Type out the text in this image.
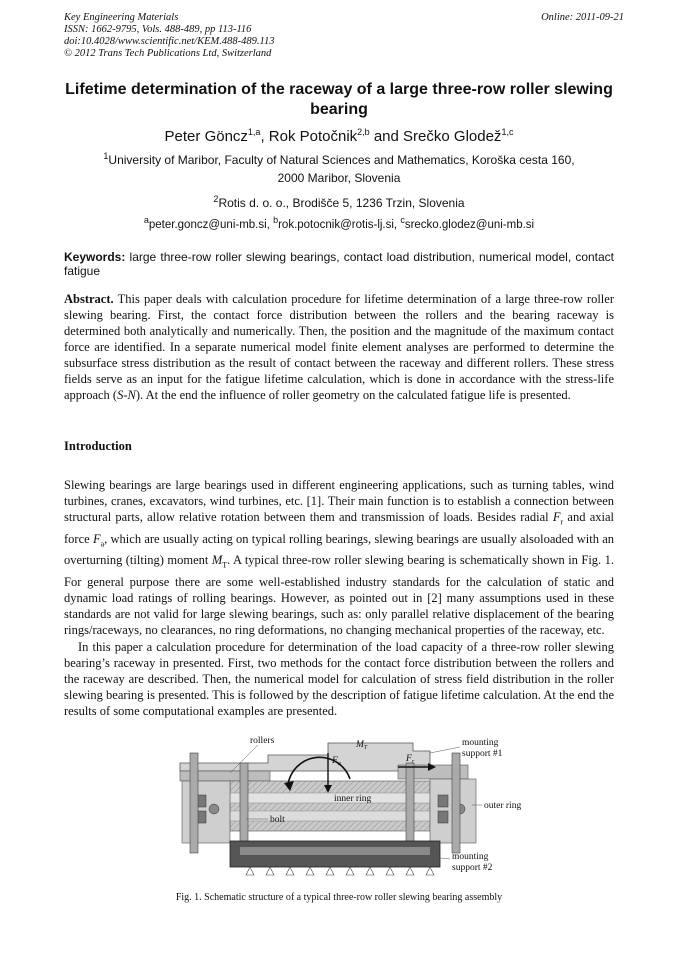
Key Engineering Materials
ISSN: 1662-9795, Vols. 488-489, pp 113-116
doi:10.4028/www.scientific.net/KEM.488-489.113
© 2012 Trans Tech Publications Ltd, Switzerland
Online: 2011-09-21
Lifetime determination of the raceway of a large three-row roller slewing bearing
Peter Göncz$^{1,a}$, Rok Potočnik$^{2,b}$ and Srečko Glodež$^{1,c}$
$^1$University of Maribor, Faculty of Natural Sciences and Mathematics, Koroška cesta 160,
2000 Maribor, Slovenia
$^2$Rotis d. o. o., Brodišče 5, 1236 Trzin, Slovenia
$^a$peter.goncz@uni-mb.si, $^b$rok.potocnik@rotis-lj.si, $^c$srecko.glodez@uni-mb.si
Keywords: large three-row roller slewing bearings, contact load distribution, numerical model, contact fatigue
Abstract. This paper deals with calculation procedure for lifetime determination of a large three-row roller slewing bearing. First, the contact force distribution between the rollers and the bearing raceway is determined both analytically and numerically. Then, the position and the magnitude of the maximum contact force are identified. In a separate numerical model finite element analyses are performed to determine the subsurface stress distribution as the result of contact between the raceway and different rollers. These stress fields serve as an input for the fatigue lifetime calculation, which is done in accordance with the stress-life approach (S-N). At the end the influence of roller geometry on the calculated fatigue life is presented.
Introduction
Slewing bearings are large bearings used in different engineering applications, such as turning tables, wind turbines, cranes, excavators, wind turbines, etc. [1]. Their main function is to establish a connection between structural parts, allow relative rotation between them and transmission of loads. Besides radial $F_r$ and axial force $F_a$, which are usually acting on typical rolling bearings, slewing bearings are usually alsoloaded with an overturning (tilting) moment $M_T$. A typical three-row roller slewing bearing is schematically shown in Fig. 1. For general purpose there are some well-established industry standards for the calculation of static and dynamic load ratings of rolling bearings. However, as pointed out in [2] many assumptions used in these standards are not valid for large slewing bearings, such as: only parallel relative displacement of the bearing rings/raceways, no clearances, no ring deformations, no changing mechanical properties of the raceway, etc.
In this paper a calculation procedure for determination of the load capacity of a three-row roller slewing bearing’s raceway in presented. First, two methods for the contact force distribution between the rollers and the raceway are described. Then, the numerical model for calculation of stress field distribution in the roller slewing bearing is presented. This is followed by the description of fatigue lifetime calculation. At the end the results of some computational examples are presented.
rollers	$M_T$
$F_a$	$F_r$
mounting
support #1
inner ring
outer ring
bolt
mounting
support #2
Fig. 1. Schematic structure of a typical three-row roller slewing bearing assembly
